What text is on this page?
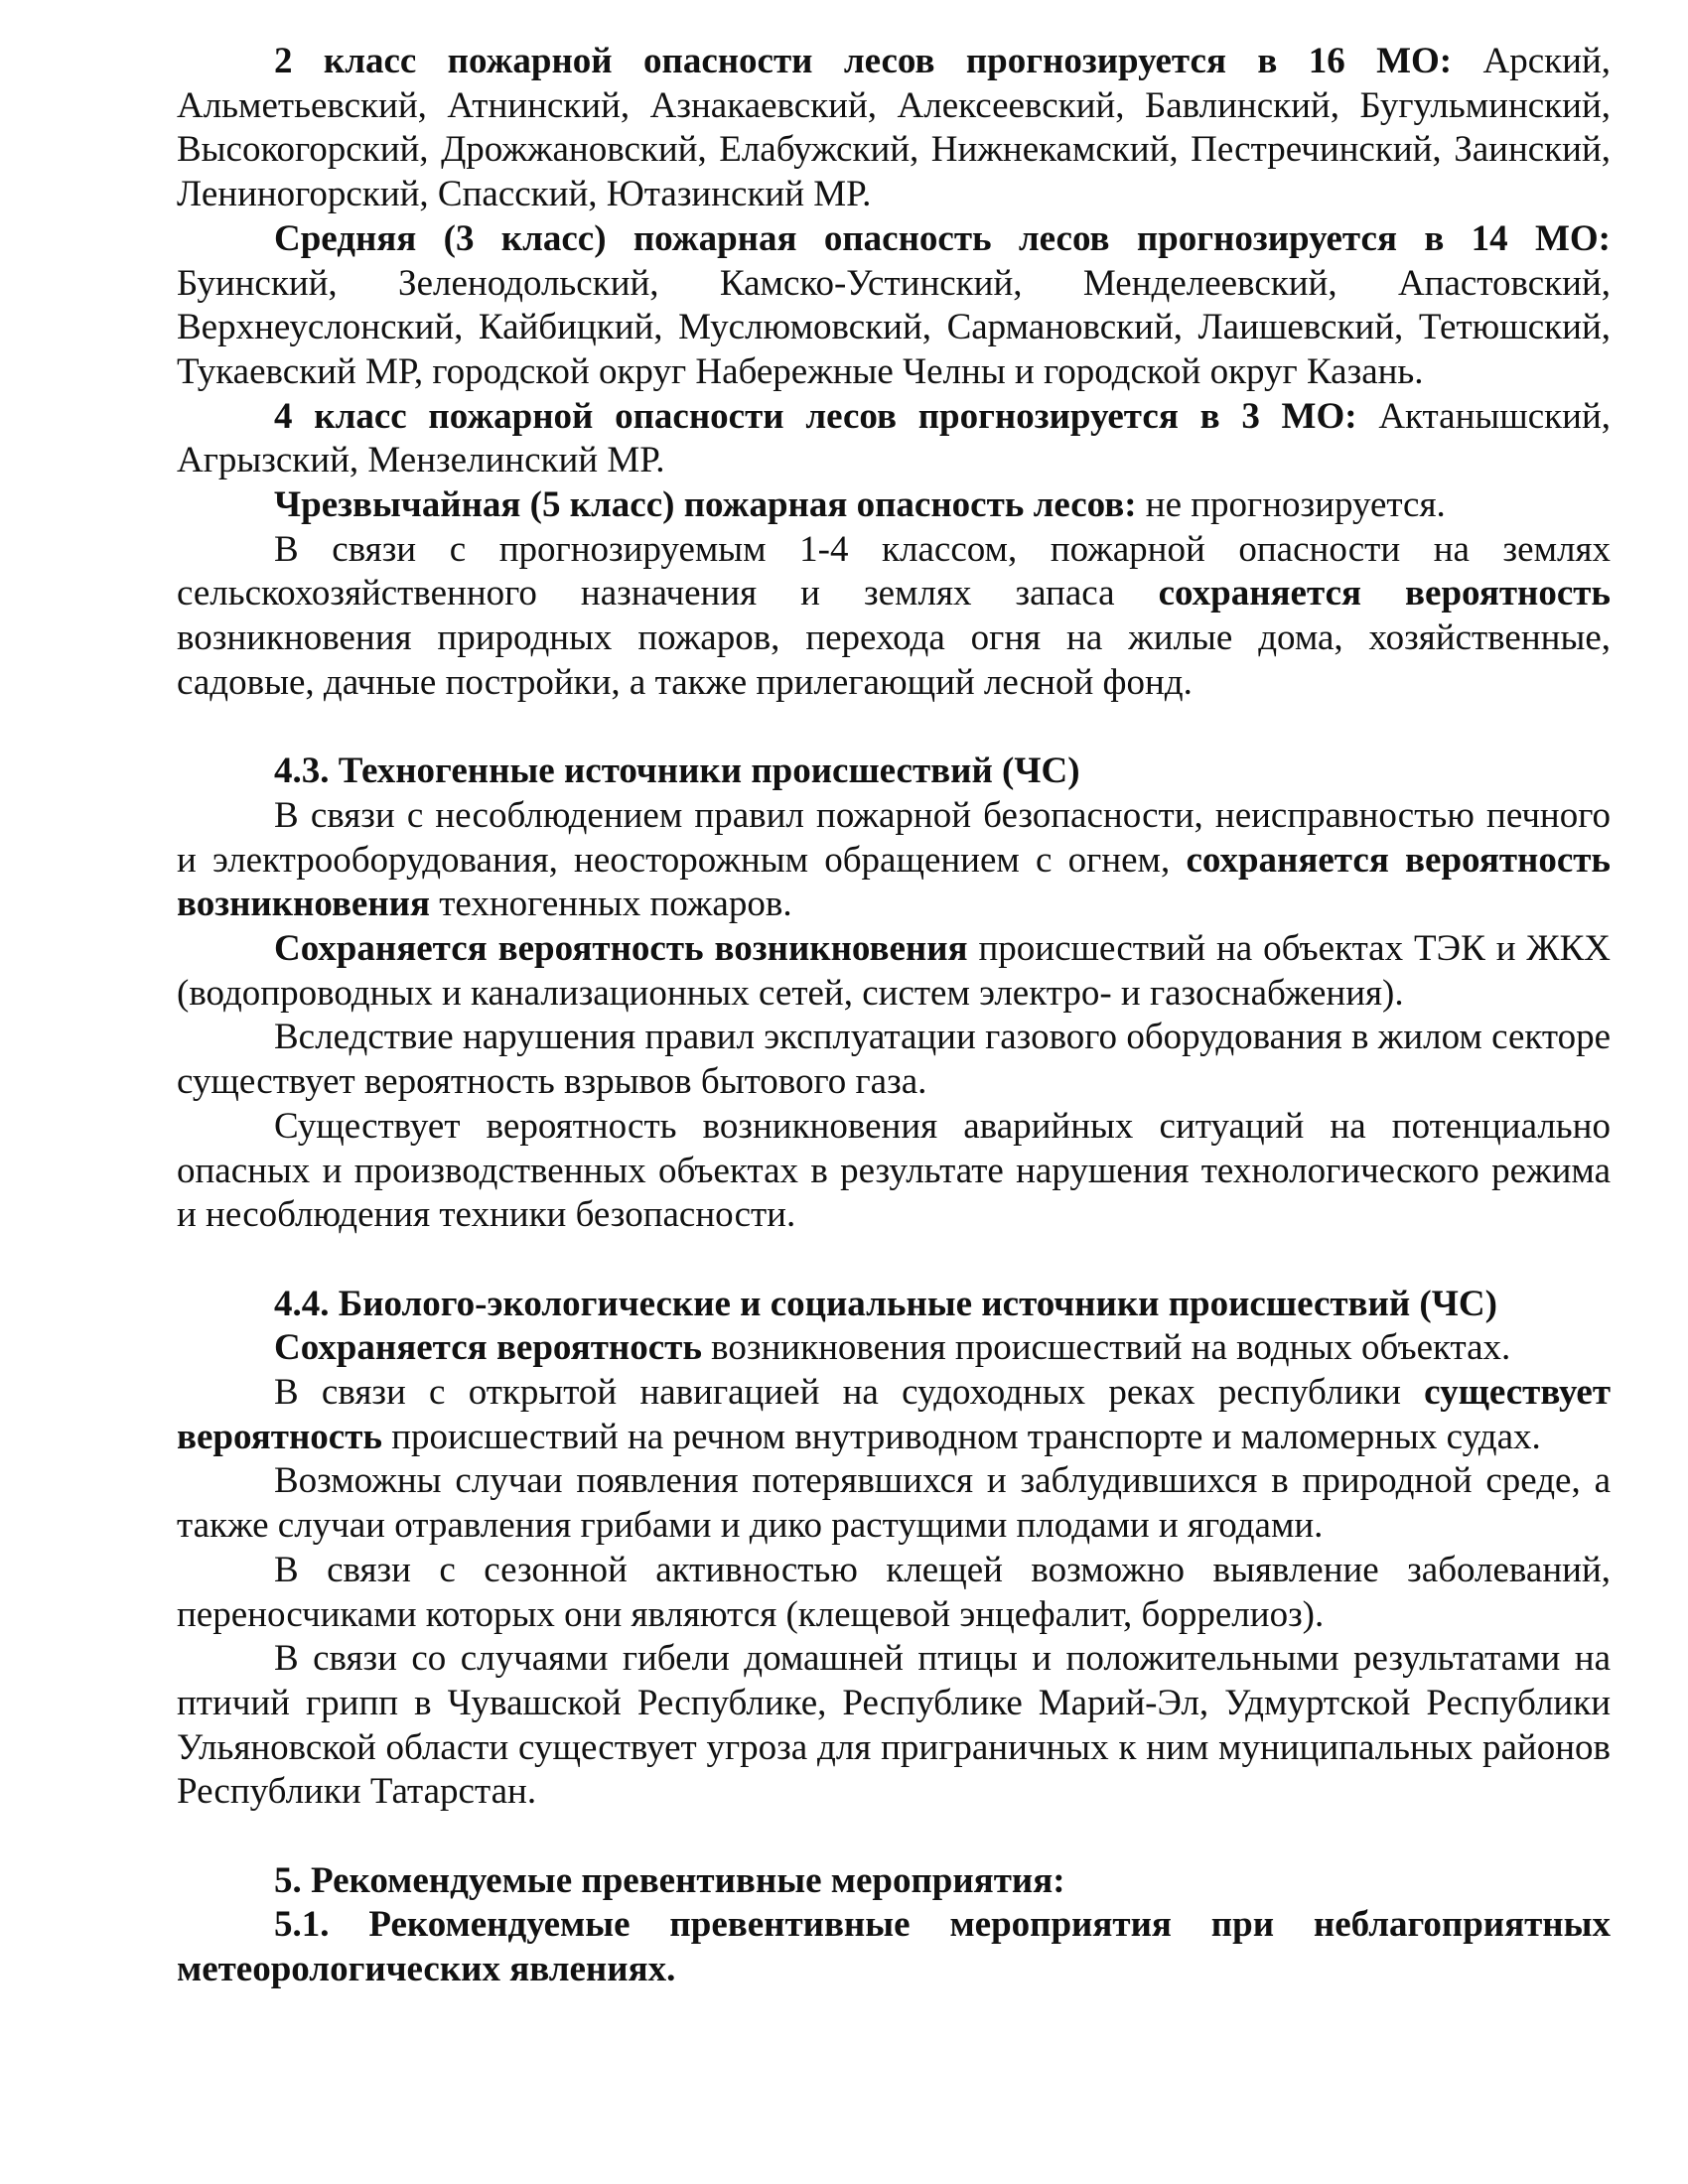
2 класс пожарной опасности лесов прогнозируется в 16 МО: Арский, Альметьевский, Атнинский, Азнакаевский, Алексеевский, Бавлинский, Бугульминский, Высокогорский, Дрожжановский, Елабужский, Нижнекамский, Пестречинский, Заинский, Лениногорский, Спасский, Ютазинский МР.

Средняя (3 класс) пожарная опасность лесов прогнозируется в 14 МО: Буинский, Зеленодольский, Камско-Устинский, Менделеевский, Апастовский, Верхнеуслонский, Кайбицкий, Муслюмовский, Сармановский, Лаишевский, Тетюшский, Тукаевский МР, городской округ Набережные Челны и городской округ Казань.

4 класс пожарной опасности лесов прогнозируется в 3 МО: Актанышский, Агрызский, Мензелинский МР.

Чрезвычайная (5 класс) пожарная опасность лесов: не прогнозируется.

В связи с прогнозируемым 1-4 классом, пожарной опасности на землях сельскохозяйственного назначения и землях запаса сохраняется вероятность возникновения природных пожаров, перехода огня на жилые дома, хозяйственные, садовые, дачные постройки, а также прилегающий лесной фонд.

4.3. Техногенные источники происшествий (ЧС)

В связи с несоблюдением правил пожарной безопасности, неисправностью печного и электрооборудования, неосторожным обращением с огнем, сохраняется вероятность возникновения техногенных пожаров.

Сохраняется вероятность возникновения происшествий на объектах ТЭК и ЖКХ (водопроводных и канализационных сетей, систем электро- и газоснабжения).

Вследствие нарушения правил эксплуатации газового оборудования в жилом секторе существует вероятность взрывов бытового газа.

Существует вероятность возникновения аварийных ситуаций на потенциально опасных и производственных объектах в результате нарушения технологического режима и несоблюдения техники безопасности.

4.4. Биолого-экологические и социальные источники происшествий (ЧС)

Сохраняется вероятность возникновения происшествий на водных объектах.

В связи с открытой навигацией на судоходных реках республики существует вероятность происшествий на речном внутриводном транспорте и маломерных судах.

Возможны случаи появления потерявшихся и заблудившихся в природной среде, а также случаи отравления грибами и дико растущими плодами и ягодами.

В связи с сезонной активностью клещей возможно выявление заболеваний, переносчиками которых они являются (клещевой энцефалит, боррелиоз).

В связи со случаями гибели домашней птицы и положительными результатами на птичий грипп в Чувашской Республике, Республике Марий-Эл, Удмуртской Республики Ульяновской области существует угроза для приграничных к ним муниципальных районов Республики Татарстан.

5. Рекомендуемые превентивные мероприятия:

5.1. Рекомендуемые превентивные мероприятия при неблагоприятных метеорологических явлениях.
